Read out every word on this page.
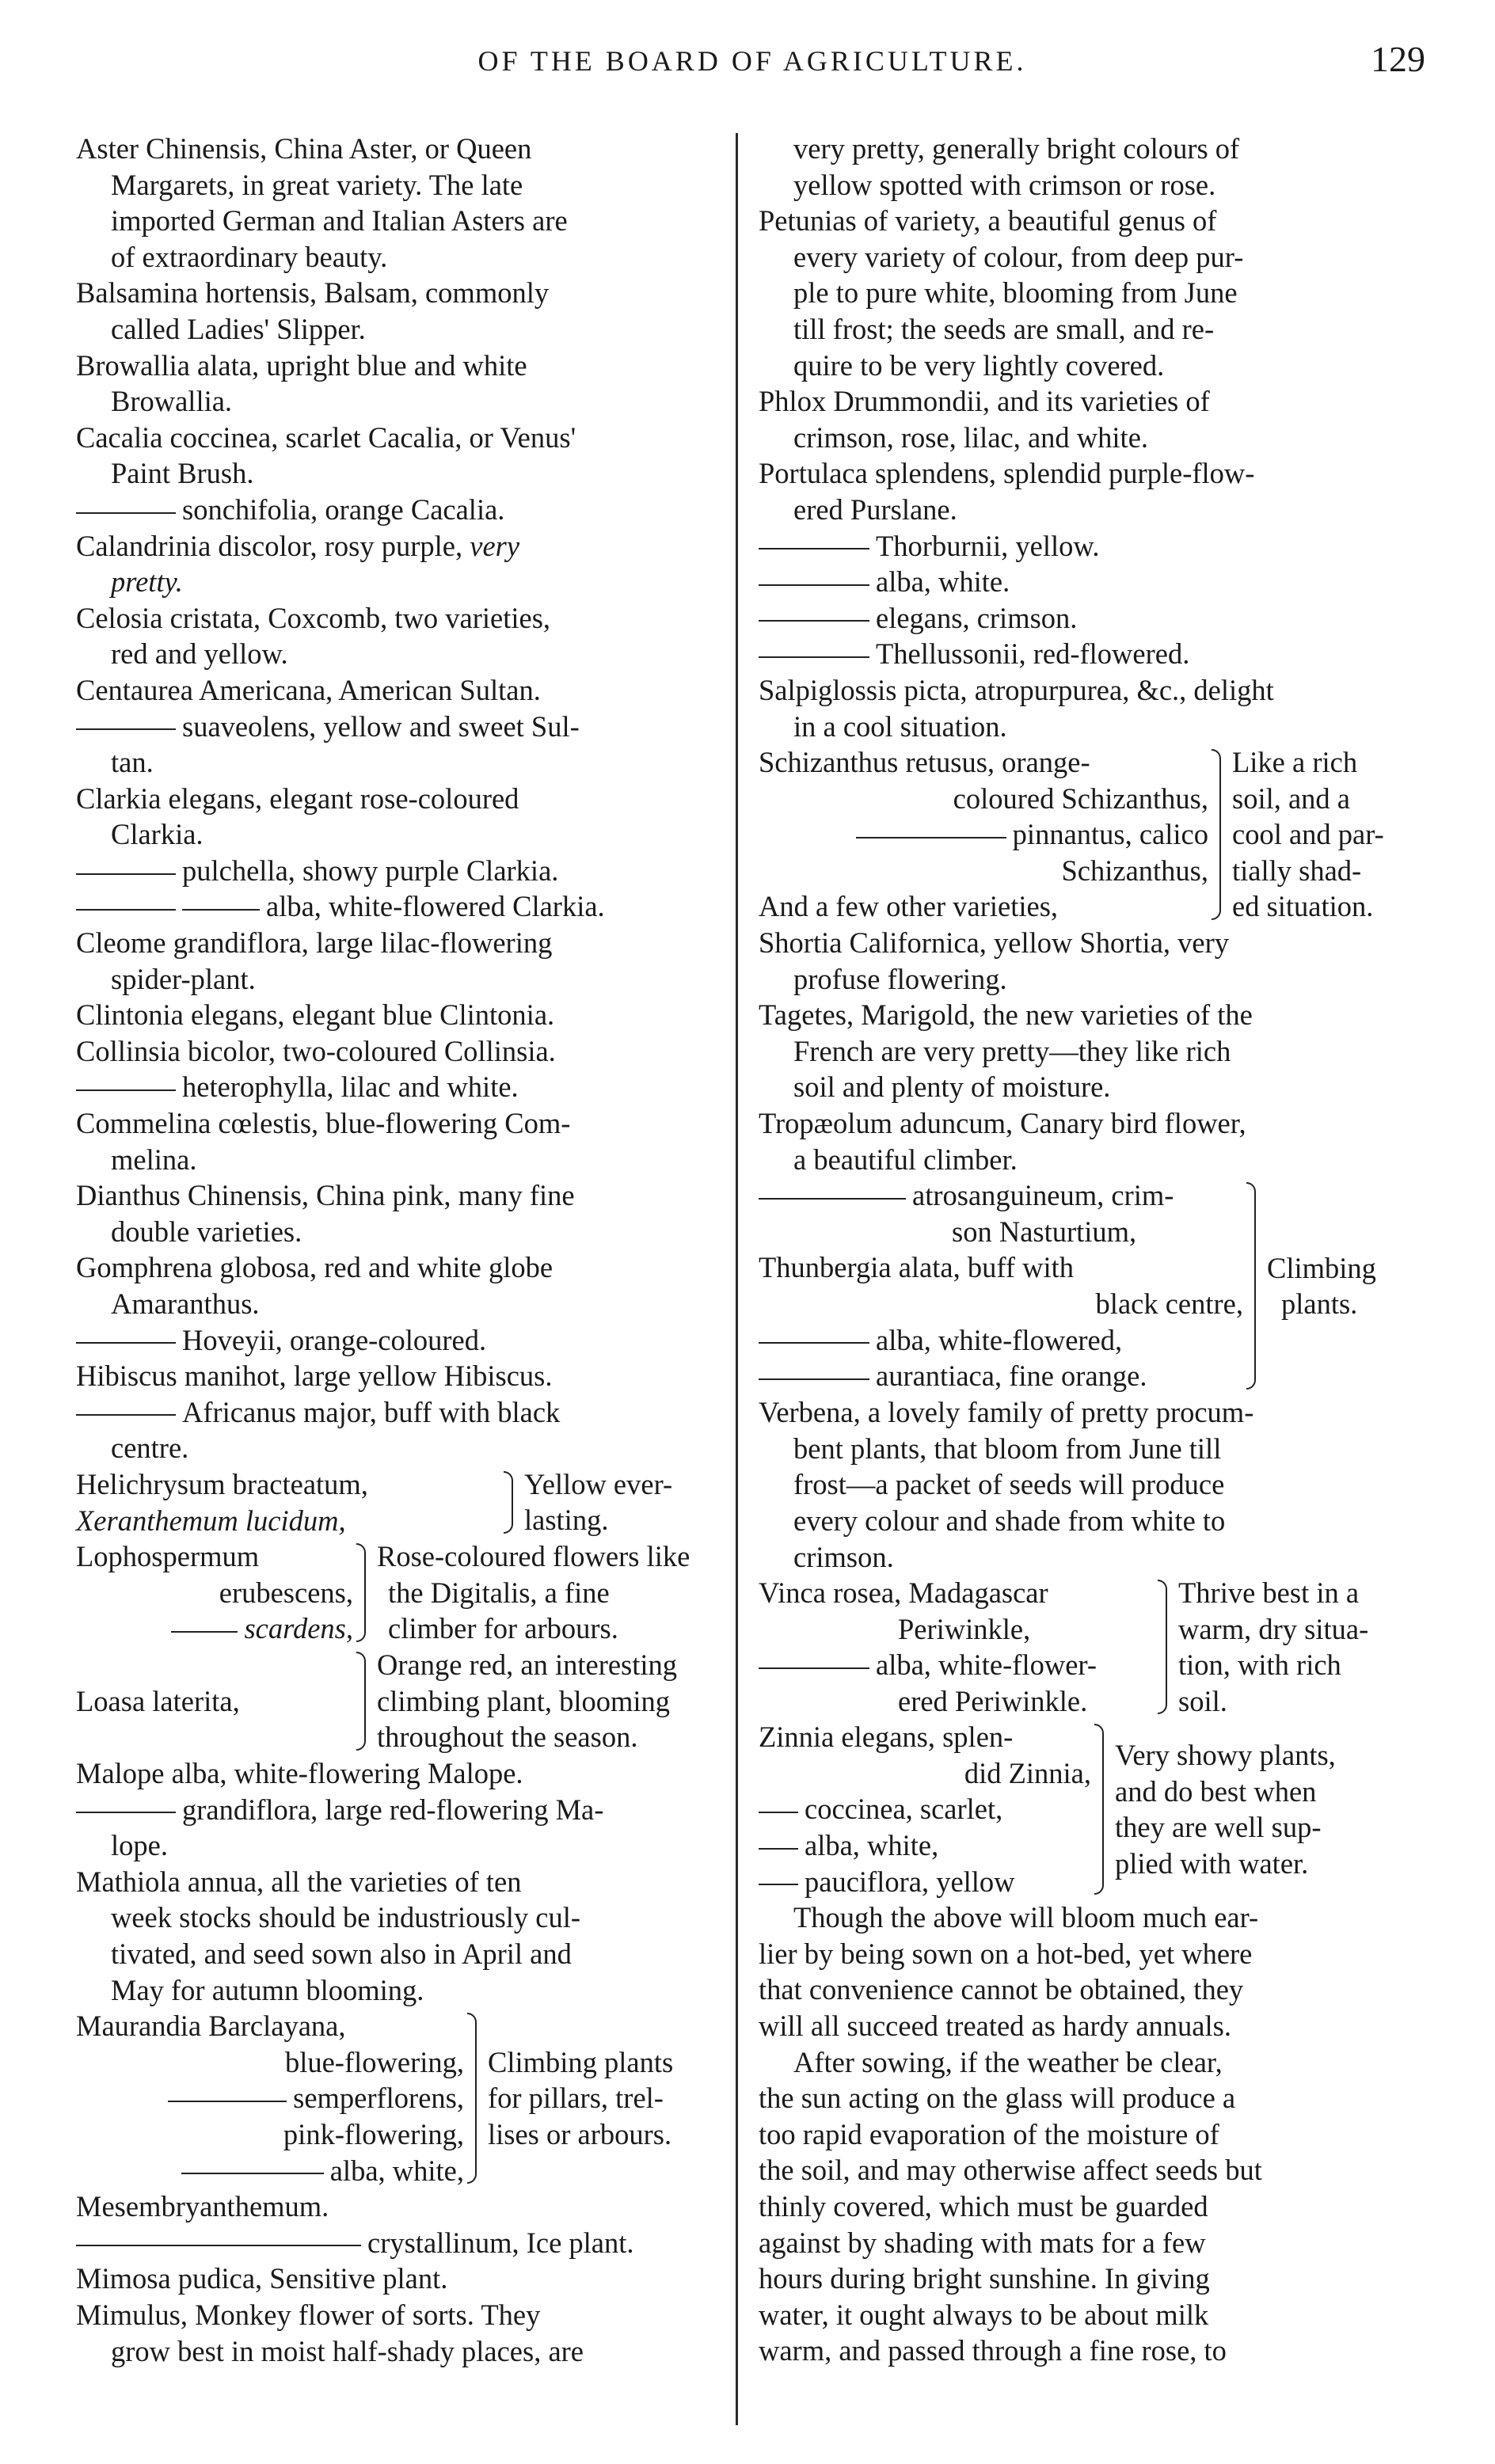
OF THE BOARD OF AGRICULTURE.	129
Aster Chinensis, China Aster, or Queen
Margarets, in great variety. The late
imported German and Italian Asters are
of extraordinary beauty.
Balsamina hortensis, Balsam, commonly
called Ladies' Slipper.
Browallia alata, upright blue and white
Browallia.
Cacalia coccinea, scarlet Cacalia, or Venus'
Paint Brush.
sonchifolia, orange Cacalia.
Calandrinia discolor, rosy purple, very
pretty.
Celosia cristata, Coxcomb, two varieties,
red and yellow.
Centaurea Americana, American Sultan.
suaveolens, yellow and sweet Sul-
tan.
Clarkia elegans, elegant rose-coloured
Clarkia.
pulchella, showy purple Clarkia.
alba, white-flowered Clarkia.
Cleome grandiflora, large lilac-flowering
spider-plant.
Clintonia elegans, elegant blue Clintonia.
Collinsia bicolor, two-coloured Collinsia.
heterophylla, lilac and white.
Commelina cœlestis, blue-flowering Com-
melina.
Dianthus Chinensis, China pink, many fine
double varieties.
Gomphrena globosa, red and white globe
Amaranthus.
Hoveyii, orange-coloured.
Hibiscus manihot, large yellow Hibiscus.
Africanus major, buff with black
centre.
Helichrysum bracteatum,
Xeranthemum lucidum,
Yellow ever-
lasting.
Lophospermum
erubescens,
scardens,
Rose-coloured flowers like
the Digitalis, a fine
climber for arbours.
Loasa laterita,
Orange red, an interesting
climbing plant, blooming
throughout the season.
Malope alba, white-flowering Malope.
grandiflora, large red-flowering Ma-
lope.
Mathiola annua, all the varieties of ten
week stocks should be industriously cul-
tivated, and seed sown also in April and
May for autumn blooming.
Maurandia Barclayana,
blue-flowering,
semperflorens,
pink-flowering,
alba, white,
Climbing plants
for pillars, trel-
lises or arbours.
Mesembryanthemum.
crystallinum, Ice plant.
Mimosa pudica, Sensitive plant.
Mimulus, Monkey flower of sorts. They
grow best in moist half-shady places, are
very pretty, generally bright colours of
yellow spotted with crimson or rose.
Petunias of variety, a beautiful genus of
every variety of colour, from deep pur-
ple to pure white, blooming from June
till frost; the seeds are small, and re-
quire to be very lightly covered.
Phlox Drummondii, and its varieties of
crimson, rose, lilac, and white.
Portulaca splendens, splendid purple-flow-
ered Purslane.
Thorburnii, yellow.
alba, white.
elegans, crimson.
Thellussonii, red-flowered.
Salpiglossis picta, atropurpurea, &c., delight
in a cool situation.
Schizanthus retusus, orange-
coloured Schizanthus,
pinnantus, calico
Schizanthus,
And a few other varieties,
Like a rich
soil, and a
cool and par-
tially shad-
ed situation.
Shortia Californica, yellow Shortia, very
profuse flowering.
Tagetes, Marigold, the new varieties of the
French are very pretty—they like rich
soil and plenty of moisture.
Tropæolum aduncum, Canary bird flower,
a beautiful climber.
atrosanguineum, crim-
son Nasturtium,
Thunbergia alata, buff with
black centre,
alba, white-flowered,
aurantiaca, fine orange.
Climbing
plants.
Verbena, a lovely family of pretty procum-
bent plants, that bloom from June till
frost—a packet of seeds will produce
every colour and shade from white to
crimson.
Vinca rosea, Madagascar
Periwinkle,
alba, white-flower-
ered Periwinkle.
Thrive best in a
warm, dry situa-
tion, with rich
soil.
Zinnia elegans, splen-
did Zinnia,
coccinea, scarlet,
alba, white,
pauciflora, yellow
Very showy plants,
and do best when
they are well sup-
plied with water.
Though the above will bloom much ear-
lier by being sown on a hot-bed, yet where
that convenience cannot be obtained, they
will all succeed treated as hardy annuals.
After sowing, if the weather be clear,
the sun acting on the glass will produce a
too rapid evaporation of the moisture of
the soil, and may otherwise affect seeds but
thinly covered, which must be guarded
against by shading with mats for a few
hours during bright sunshine. In giving
water, it ought always to be about milk
warm, and passed through a fine rose, to
